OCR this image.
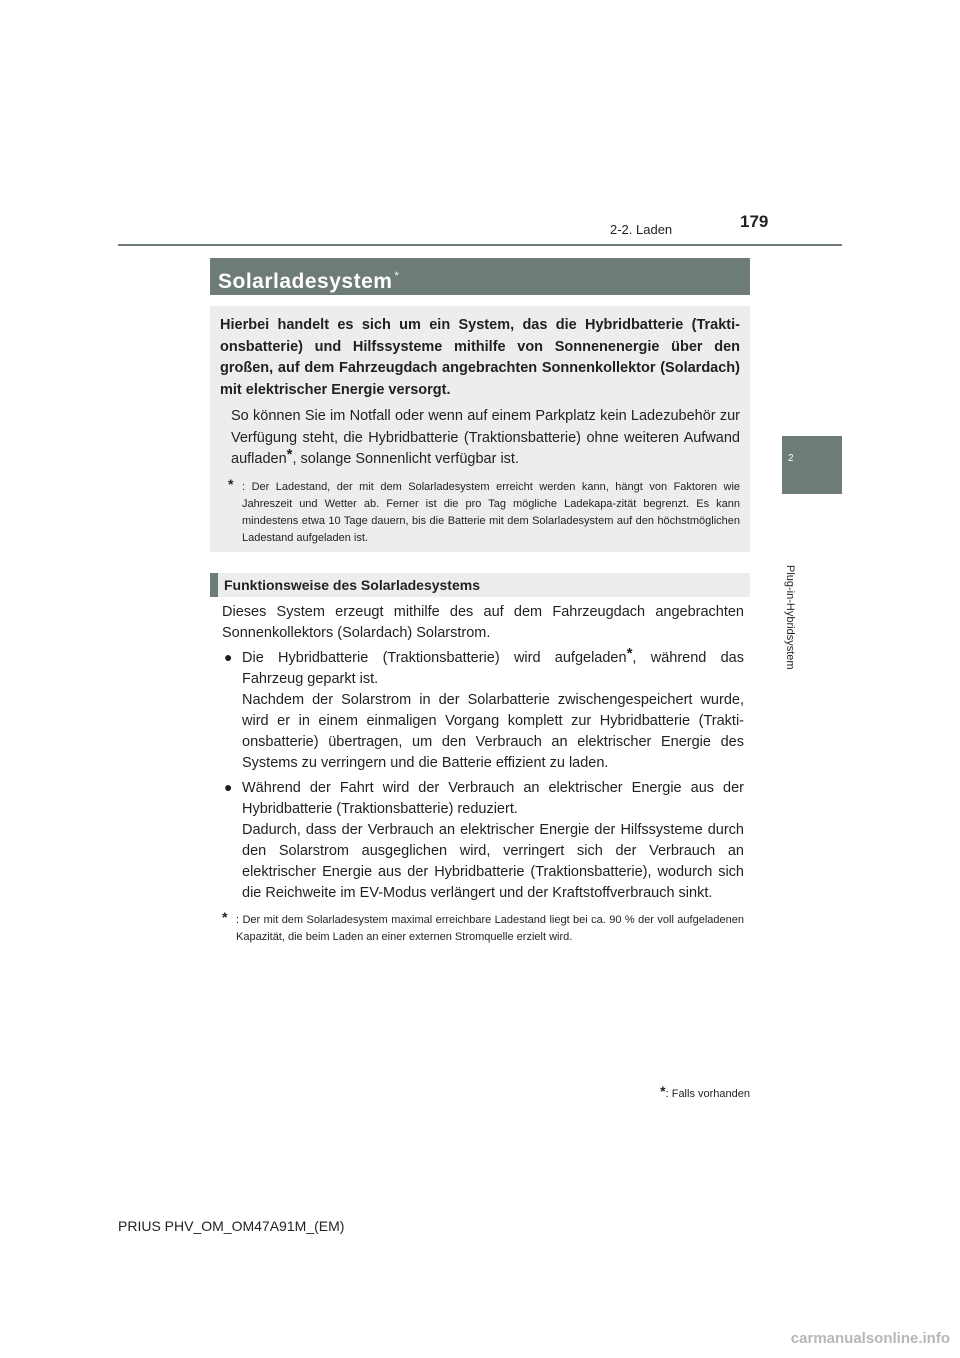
179
2-2. Laden
2
Plug-in-Hybridsystem
Solarladesystem *

Hierbei handelt es sich um ein System, das die Hybridbatterie (Trakti-onsbatterie) und Hilfssysteme mithilfe von Sonnenenergie über den großen, auf dem Fahrzeugdach angebrachten Sonnenkollektor (Solardach) mit elektrischer Energie versorgt.

So können Sie im Notfall oder wenn auf einem Parkplatz kein Ladezubehör zur Verfügung steht, die Hybridbatterie (Traktionsbatterie) ohne weiteren Aufwand aufladen*, solange Sonnenlicht verfügbar ist.

* : Der Ladestand, der mit dem Solarladesystem erreicht werden kann, hängt von Faktoren wie Jahreszeit und Wetter ab. Ferner ist die pro Tag mögliche Ladekapa-zität begrenzt. Es kann mindestens etwa 10 Tage dauern, bis die Batterie mit dem Solarladesystem auf den höchstmöglichen Ladestand aufgeladen ist.
Funktionsweise des Solarladesystems

Dieses System erzeugt mithilfe des auf dem Fahrzeugdach angebrachten Sonnenkollektors (Solardach) Solarstrom.

● Die Hybridbatterie (Traktionsbatterie) wird aufgeladen*, während das Fahrzeug geparkt ist.

Nachdem der Solarstrom in der Solarbatterie zwischengespeichert wurde, wird er in einem einmaligen Vorgang komplett zur Hybridbatterie (Trakti-onsbatterie) übertragen, um den Verbrauch an elektrischer Energie des Systems zu verringern und die Batterie effizient zu laden.

● Während der Fahrt wird der Verbrauch an elektrischer Energie aus der Hybridbatterie (Traktionsbatterie) reduziert.

Dadurch, dass der Verbrauch an elektrischer Energie der Hilfssysteme durch den Solarstrom ausgeglichen wird, verringert sich der Verbrauch an elektrischer Energie aus der Hybridbatterie (Traktionsbatterie), wodurch sich die Reichweite im EV-Modus verlängert und der Kraftstoffverbrauch sinkt.

* : Der mit dem Solarladesystem maximal erreichbare Ladestand liegt bei ca. 90 % der voll aufgeladenen Kapazität, die beim Laden an einer externen Stromquelle erzielt wird.
*: Falls vorhanden
PRIUS PHV_OM_OM47A91M_(EM)
carmanualsonline.info
